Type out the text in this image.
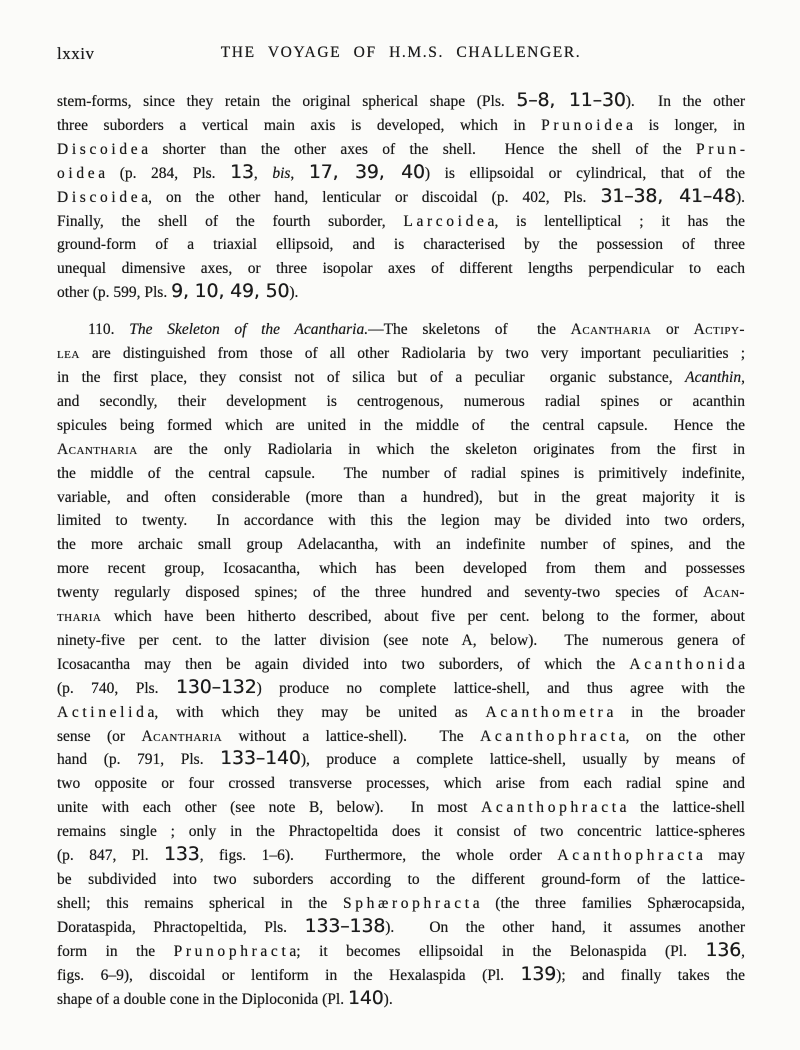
lxxiv	THE VOYAGE OF H.M.S. CHALLENGER.
stem-forms, since they retain the original spherical shape (Pls. 5–8, 11–30).  In the other
three suborders a vertical main axis is developed, which in Prunoidea is longer, in
Discoidea shorter than the other axes of the shell.  Hence the shell of the Prun-
oidea (p. 284, Pls. 13, bis, 17, 39, 40) is ellipsoidal or cylindrical, that of the
Discoidea, on the other hand, lenticular or discoidal (p. 402, Pls. 31–38, 41–48).
Finally, the shell of the fourth suborder, Larcoidea, is lentelliptical ; it has the
ground-form of a triaxial ellipsoid, and is characterised by the possession of three
unequal dimensive axes, or three isopolar axes of different lengths perpendicular to each
other (p. 599, Pls. 9, 10, 49, 50).
110. The Skeleton of the Acantharia.—The skeletons of  the Acantharia or Actipy-
lea are distinguished from those of all other Radiolaria by two very important peculiarities ;
in the first place, they consist not of silica but of a peculiar  organic substance, Acanthin,
and secondly, their development is centrogenous, numerous radial spines or acanthin
spicules being formed which are united in the middle of  the central capsule.  Hence the
Acantharia are the only Radiolaria in which the skeleton originates from the first in
the middle of the central capsule.  The number of radial spines is primitively indefinite,
variable, and often considerable (more than a hundred), but in the great majority it is
limited to twenty.  In accordance with this the legion may be divided into two orders,
the more archaic small group Adelacantha, with an indefinite number of spines, and the
more recent group, Icosacantha, which has been developed from them and possesses
twenty regularly disposed spines; of the three hundred and seventy-two species of Acan-
tharia which have been hitherto described, about five per cent. belong to the former, about
ninety-five per cent. to the latter division (see note A, below).  The numerous genera of
Icosacantha may then be again divided into two suborders, of which the Acanthonida
(p. 740, Pls. 130–132) produce no complete lattice-shell, and thus agree with the
Actinelida, with which they may be united as Acanthometra in the broader
sense (or Acantharia without a lattice-shell).  The Acanthophracta, on the other
hand (p. 791, Pls. 133–140), produce a complete lattice-shell, usually by means of
two opposite or four crossed transverse processes, which arise from each radial spine and
unite with each other (see note B, below).  In most Acanthophracta the lattice-shell
remains single ; only in the Phractopeltida does it consist of two concentric lattice-spheres
(p. 847, Pl. 133, figs. 1–6).  Furthermore, the whole order Acanthophracta may
be subdivided into two suborders according to the different ground-form of the lattice-
shell; this remains spherical in the Sphærophracta (the three families Sphærocapsida,
Dorataspida, Phractopeltida, Pls. 133–138).  On the other hand, it assumes another
form in the Prunophracta; it becomes ellipsoidal in the Belonaspida (Pl. 136,
figs. 6–9), discoidal or lentiform in the Hexalaspida (Pl. 139); and finally takes the
shape of a double cone in the Diploconida (Pl. 140).
